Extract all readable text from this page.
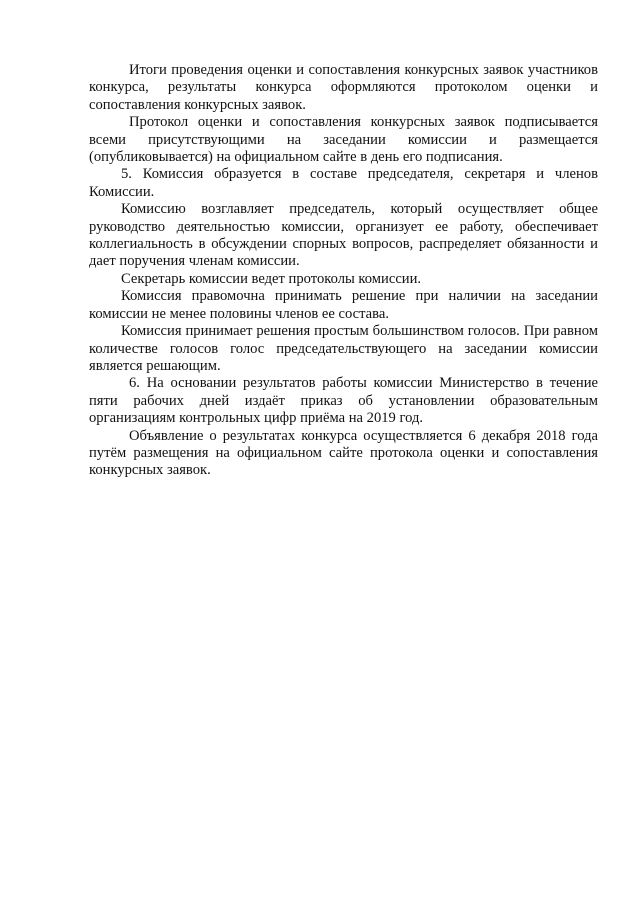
Итоги проведения оценки и сопоставления конкурсных заявок участников конкурса, результаты конкурса оформляются протоколом оценки и сопоставления конкурсных заявок.

Протокол оценки и сопоставления конкурсных заявок подписывается всеми присутствующими на заседании комиссии и размещается (опубликовывается) на официальном сайте в день его подписания.

5. Комиссия образуется в составе председателя, секретаря и членов Комиссии.

Комиссию возглавляет председатель, который осуществляет общее руководство деятельностью комиссии, организует ее работу, обеспечивает коллегиальность в обсуждении спорных вопросов, распределяет обязанности и дает поручения членам комиссии.

Секретарь комиссии ведет протоколы комиссии.

Комиссия правомочна принимать решение при наличии на заседании комиссии не менее половины членов ее состава.

Комиссия принимает решения простым большинством голосов. При равном количестве голосов голос председательствующего на заседании комиссии является решающим.

6. На основании результатов работы комиссии Министерство в течение пяти рабочих дней издаёт приказ об установлении образовательным организациям контрольных цифр приёма на 2019 год.

Объявление о результатах конкурса осуществляется 6 декабря 2018 года путём размещения на официальном сайте протокола оценки и сопоставления конкурсных заявок.
